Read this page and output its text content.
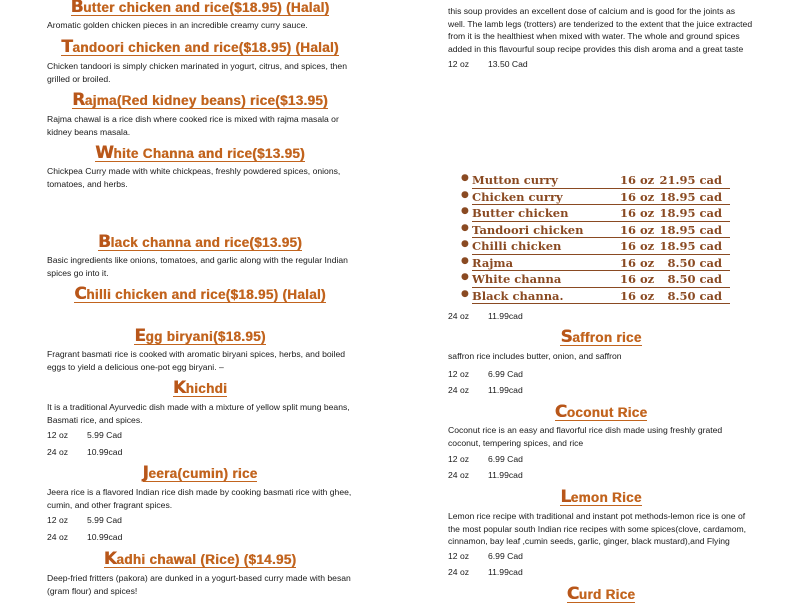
Butter chicken and rice($18.95) (Halal)
Aromatic golden chicken pieces in an incredible creamy curry sauce.
Tandoori chicken and rice($18.95) (Halal)
Chicken tandoori is simply chicken marinated in yogurt, citrus, and spices, then grilled or broiled.
Rajma(Red kidney beans) rice($13.95)
Rajma chawal is a rice dish where cooked rice is mixed with rajma masala or kidney beans masala.
White Channa and rice($13.95)
Chickpea Curry made with white chickpeas, freshly powdered spices, onions, tomatoes, and herbs.
Black channa and rice($13.95)
Basic ingredients like onions, tomatoes, and garlic along with the regular Indian spices go into it.
Chilli chicken and rice($18.95) (Halal)
Egg biryani($18.95)
Fragrant basmati rice is cooked with aromatic biryani spices, herbs, and boiled eggs to yield a delicious one-pot egg biryani. –
Khichdi
It is a traditional Ayurvedic dish made with a mixture of yellow split mung beans, Basmati rice, and spices.
12 oz 5.99 Cad
24 oz 10.99cad
Jeera(cumin) rice
Jeera rice is a flavored Indian rice dish made by cooking basmati rice with ghee, cumin, and other fragrant spices.
12 oz 5.99 Cad
24 oz 10.99cad
Kadhi chawal (Rice) ($14.95)
Deep-fried fritters (pakora) are dunked in a yogurt-based curry made with besan (gram flour) and spices!
this soup provides an excellent dose of calcium and is good for the joints as well. The lamb legs (trotters) are tenderized to the extent that the juice extracted from it is the healthiest when mixed with water. The whole and ground spices added in this flavourful soup recipe provides this dish aroma and a great taste
12 oz 13.50 Cad
24 oz 11.99cad
Saffron rice
saffron rice includes butter, onion, and saffron
12 oz 6.99 Cad
24 oz 11.99cad
Coconut Rice
Coconut rice is an easy and flavorful rice dish made using freshly grated coconut, tempering spices, and rice
12 oz 6.99 Cad
24 oz 11.99cad
Lemon Rice
Lemon rice recipe with traditional and instant pot methods-lemon rice is one of the most popular south Indian rice recipes with some spices(clove, cardamom, cinnamon, bay leaf ,cumin seeds, garlic, ginger, black mustard),and Flying
12 oz 6.99 Cad
24 oz 11.99cad
Curd Rice
● Mutton curry	16 oz 21.95 cad
● Chicken curry	16 oz 18.95 cad
● Butter chicken	16 oz 18.95 cad
● Tandoori chicken	16 oz 18.95 cad
● Chilli chicken	16 oz 18.95 cad
● Rajma	16 oz 8.50 cad
● White channa	16 oz 8.50 cad
● Black channa.	16 oz 8.50 cad
